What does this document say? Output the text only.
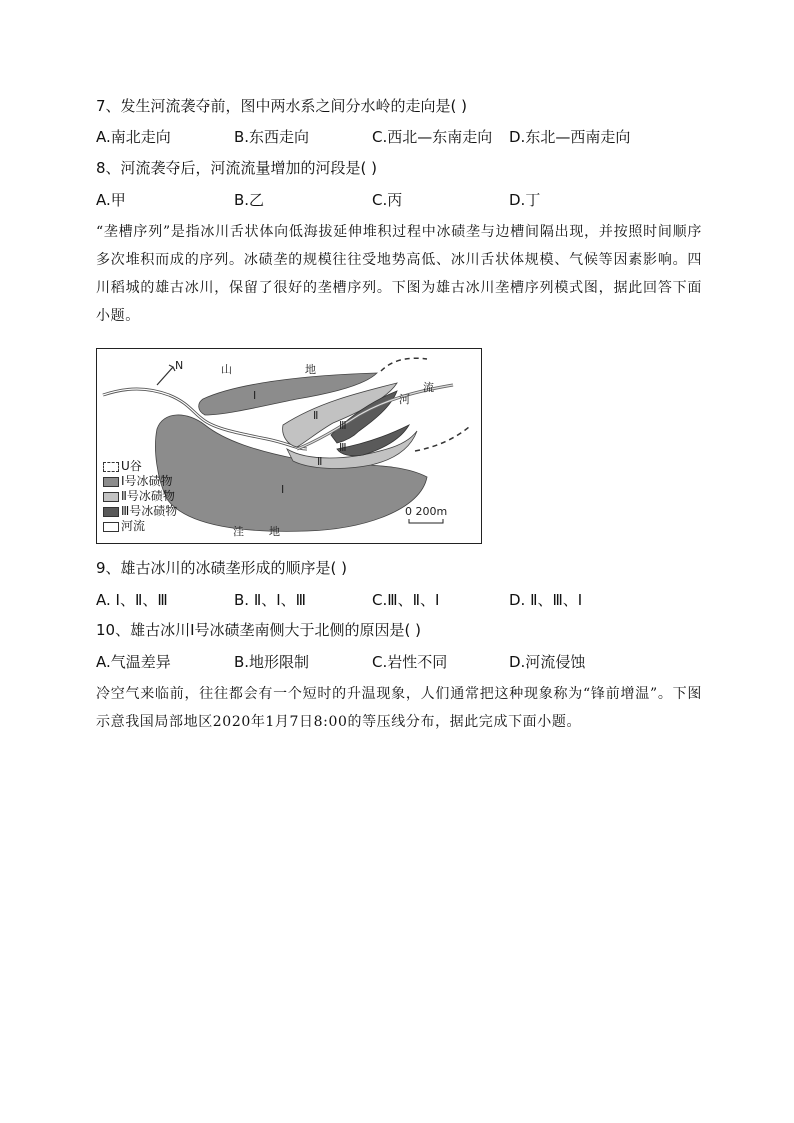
7、发生河流袭夺前，图中两水系之间分水岭的走向是( )
A.南北走向	B.东西走向	C.西北—东南走向 D.东北—西南走向
8、河流袭夺后，河流流量增加的河段是( )
A.甲	B.乙	C.丙	D.丁
“垄槽序列”是指冰川舌状体向低海拔延伸堆积过程中冰碛垄与边槽间隔出现，并按照时间顺序多次堆积而成的序列。冰碛垄的规模往往受地势高低、冰川舌状体规模、气候等因素影响。四川稻城的雄古冰川，保留了很好的垄槽序列。下图为雄古冰川垄槽序列模式图，据此回答下面小题。
N	山	地
河
流
洼 地
Ⅰ
Ⅰ
Ⅱ
Ⅱ
Ⅲ
Ⅲ
0 200m
U谷
Ⅰ号冰碛物
Ⅱ号冰碛物
Ⅲ号冰碛物
河流
9、雄古冰川的冰碛垄形成的顺序是( )
A. Ⅰ、Ⅱ、Ⅲ	B. Ⅱ、Ⅰ、Ⅲ	C.Ⅲ、Ⅱ、Ⅰ	D. Ⅱ、Ⅲ、Ⅰ
10、雄古冰川Ⅰ号冰碛垄南侧大于北侧的原因是( )
A.气温差异	B.地形限制	C.岩性不同	D.河流侵蚀
冷空气来临前，往往都会有一个短时的升温现象，人们通常把这种现象称为“锋前增温”。下图示意我国局部地区2020年1月7日8:00的等压线分布，据此完成下面小题。
